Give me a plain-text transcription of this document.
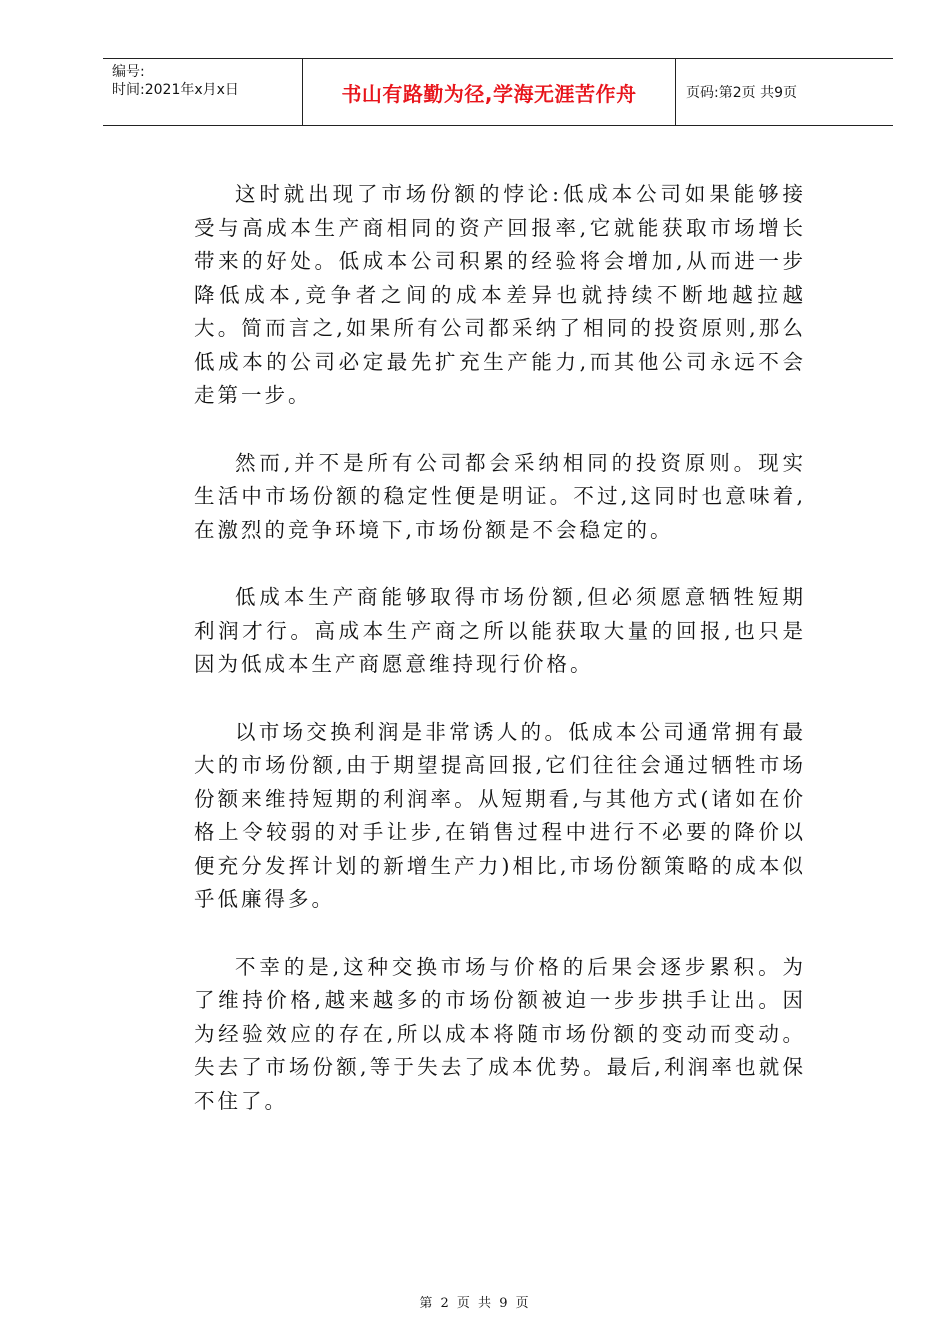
编号:
时间:2021年x月x日	书山有路勤为径,学海无涯苦作舟	页码:第2页 共9页

这时就出现了市场份额的悖论:低成本公司如果能够接受与高成本生产商相同的资产回报率,它就能获取市场增长带来的好处。低成本公司积累的经验将会增加,从而进一步降低成本,竞争者之间的成本差异也就持续不断地越拉越大。简而言之,如果所有公司都采纳了相同的投资原则,那么低成本的公司必定最先扩充生产能力,而其他公司永远不会走第一步。

然而,并不是所有公司都会采纳相同的投资原则。现实生活中市场份额的稳定性便是明证。不过,这同时也意味着,在激烈的竞争环境下,市场份额是不会稳定的。

低成本生产商能够取得市场份额,但必须愿意牺牲短期利润才行。高成本生产商之所以能获取大量的回报,也只是因为低成本生产商愿意维持现行价格。

以市场交换利润是非常诱人的。低成本公司通常拥有最大的市场份额,由于期望提高回报,它们往往会通过牺牲市场份额来维持短期的利润率。从短期看,与其他方式(诸如在价格上令较弱的对手让步,在销售过程中进行不必要的降价以便充分发挥计划的新增生产力)相比,市场份额策略的成本似乎低廉得多。

不幸的是,这种交换市场与价格的后果会逐步累积。为了维持价格,越来越多的市场份额被迫一步步拱手让出。因为经验效应的存在,所以成本将随市场份额的变动而变动。失去了市场份额,等于失去了成本优势。最后,利润率也就保不住了。

第 2 页 共 9 页
